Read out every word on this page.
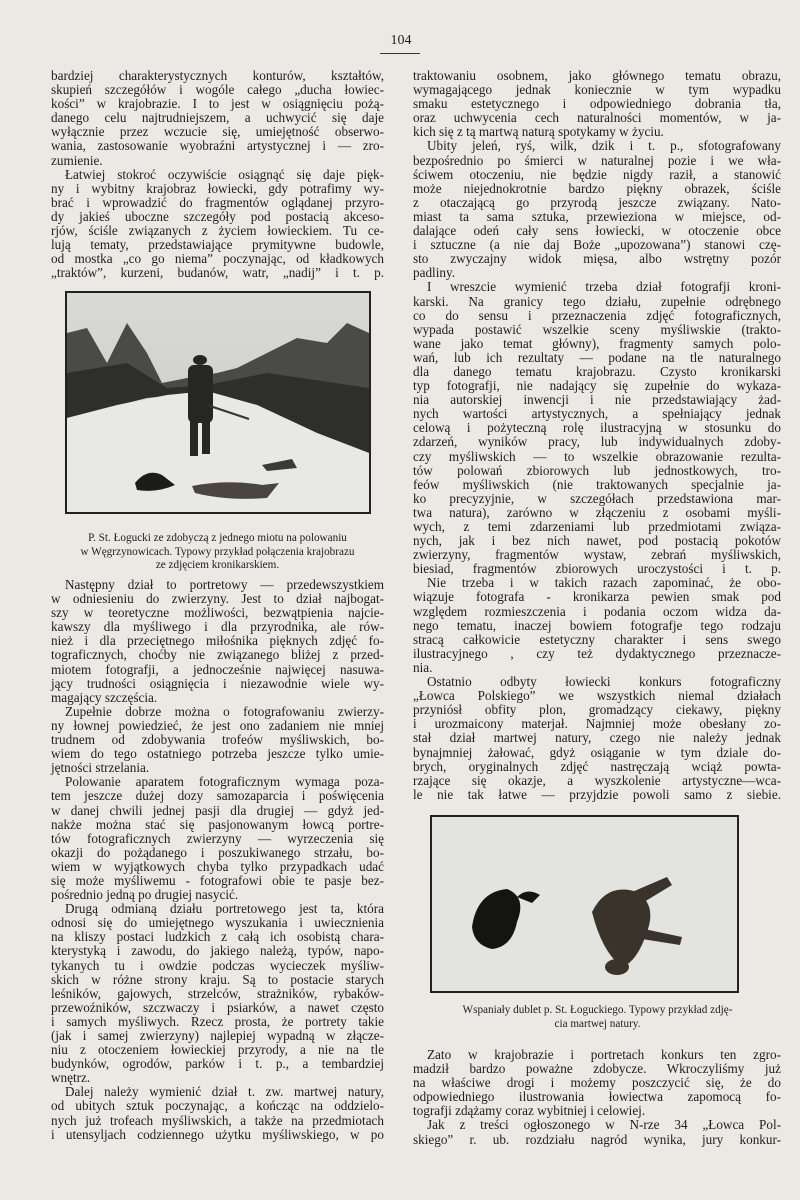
104
bardziej charakterystycznych konturów, kształtów,
skupień szczegółów i wogóle całego „ducha łowiec-
kości” w krajobrazie. I to jest w osiągnięciu pożą-
danego celu najtrudniejszem, a uchwycić się daje
wyłącznie przez wczucie się, umiejętność obserwo-
wania, zastosowanie wyobraźni artystycznej i — zro-
zumienie.
Łatwiej stokroć oczywiście osiągnąć się daje pięk-
ny i wybitny krajobraz łowiecki, gdy potrafimy wy-
brać i wprowadzić do fragmentów oglądanej przyro-
dy jakieś uboczne szczegóły pod postacią akceso-
rjów, ściśle związanych z życiem łowieckiem. Tu ce-
lują tematy, przedstawiające prymitywne budowle,
od mostka „co go niema” poczynając, od kładkowych
„traktów”, kurzeni, budanów, watr, „nadij” i t. p.
P. St. Łogucki ze zdobyczą z jednego miotu na polowaniu
w Węgrzynowicach. Typowy przykład połączenia krajobrazu
ze zdjęciem kronikarskiem.
Następny dział to portretowy — przedewszystkiem
w odniesieniu do zwierzyny. Jest to dział najbogat-
szy w teoretyczne możliwości, bezwątpienia najcie-
kawszy dla myśliwego i dla przyrodnika, ale rów-
nież i dla przeciętnego miłośnika pięknych zdjęć fo-
tograficznych, choćby nie związanego bliżej z przed-
miotem fotografji, a jednocześnie najwięcej nasuwa-
jący trudności osiągnięcia i niezawodnie wiele wy-
magający szczęścia.
Zupełnie dobrze można o fotografowaniu zwierzy-
ny łownej powiedzieć, że jest ono zadaniem nie mniej
trudnem od zdobywania trofeów myśliwskich, bo-
wiem do tego ostatniego potrzeba jeszcze tylko umie-
jętności strzelania.
Polowanie aparatem fotograficznym wymaga poza-
tem jeszcze dużej dozy samozaparcia i poświęcenia
w danej chwili jednej pasji dla drugiej — gdyż jed-
nakże można stać się pasjonowanym łowcą portre-
tów fotograficznych zwierzyny — wyrzeczenia się
okazji do pożądanego i poszukiwanego strzału, bo-
wiem w wyjątkowych chyba tylko przypadkach udać
się może myśliwemu - fotografowi obie te pasje bez-
pośrednio jedną po drugiej nasycić.
Drugą odmianą działu portretowego jest ta, która
odnosi się do umiejętnego wyszukania i uwiecznienia
na kliszy postaci ludzkich z całą ich osobistą chara-
kterystyką i zawodu, do jakiego należą, typów, napo-
tykanych tu i owdzie podczas wycieczek myśliw-
skich w różne strony kraju. Są to postacie starych
leśników, gajowych, strzelców, strażników, rybaków-
przewoźników, szczwaczy i psiarków, a nawet często
i samych myśliwych. Rzecz prosta, że portrety takie
(jak i samej zwierzyny) najlepiej wypadną w złącze-
niu z otoczeniem łowieckiej przyrody, a nie na tle
budynków, ogrodów, parków i t. p., a tembardziej
wnętrz.
Dalej należy wymienić dział t. zw. martwej natury,
od ubitych sztuk poczynając, a kończąc na oddzielo-
nych już trofeach myśliwskich, a także na przedmiotach
i utensyljach codziennego użytku myśliwskiego, w po
traktowaniu osobnem, jako głównego tematu obrazu,
wymagającego jednak koniecznie w tym wypadku
smaku estetycznego i odpowiedniego dobrania tła,
oraz uchwycenia cech naturalności momentów, w ja-
kich się z tą martwą naturą spotykamy w życiu.
Ubity jeleń, ryś, wilk, dzik i t. p., sfotografowany
bezpośrednio po śmierci w naturalnej pozie i we wła-
ściwem otoczeniu, nie będzie nigdy raził, a stanowić
może niejednokrotnie bardzo piękny obrazek, ściśle
z otaczającą go przyrodą jeszcze związany. Nato-
miast ta sama sztuka, przewieziona w miejsce, od-
dalające odeń cały sens łowiecki, w otoczenie obce
i sztuczne (a nie daj Boże „upozowana”) stanowi czę-
sto zwyczajny widok mięsa, albo wstrętny pozór
padliny.
I wreszcie wymienić trzeba dział fotografji kroni-
karski. Na granicy tego działu, zupełnie odrębnego
co do sensu i przeznaczenia zdjęć fotograficznych,
wypada postawić wszelkie sceny myśliwskie (trakto-
wane jako temat główny), fragmenty samych polo-
wań, lub ich rezultaty — podane na tle naturalnego
dla danego tematu krajobrazu. Czysto kronikarski
typ fotografji, nie nadający się zupełnie do wykaza-
nia autorskiej inwencji i nie przedstawiający żad-
nych wartości artystycznych, a spełniający jednak
celową i pożyteczną rolę ilustracyjną w stosunku do
zdarzeń, wyników pracy, lub indywidualnych zdoby-
czy myśliwskich — to wszelkie obrazowanie rezulta-
tów polowań zbiorowych lub jednostkowych, tro-
feów myśliwskich (nie traktowanych specjalnie ja-
ko precyzyjnie, w szczegółach przedstawiona mar-
twa natura), zarówno w złączeniu z osobami myśli-
wych, z temi zdarzeniami lub przedmiotami związa-
nych, jak i bez nich nawet, pod postacią pokotów
zwierzyny, fragmentów wystaw, zebrań myśliwskich,
biesiad, fragmentów zbiorowych uroczystości i t. p.
Nie trzeba i w takich razach zapominać, że obo-
wiązuje fotografa - kronikarza pewien smak pod
względem rozmieszczenia i podania oczom widza da-
nego tematu, inaczej bowiem fotografje tego rodzaju
stracą całkowicie estetyczny charakter i sens swego
ilustracyjnego , czy też dydaktycznego przeznacze-
nia.
Ostatnio odbyty łowiecki konkurs fotograficzny
„Łowca Polskiego” we wszystkich niemal działach
przyniósł obfity plon, gromadzący ciekawy, piękny
i urozmaicony materjał. Najmniej może obesłany zo-
stał dział martwej natury, czego nie należy jednak
bynajmniej żałować, gdyż osiąganie w tym dziale do-
brych, oryginalnych zdjęć nastręczają wciąż powta-
rzające się okazje, a wyszkolenie artystyczne—wca-
le nie tak łatwe — przyjdzie powoli samo z siebie.
Wspaniały dublet p. St. Łoguckiego. Typowy przykład zdję-
cia martwej natury.
Zato w krajobrazie i portretach konkurs ten zgro-
madził bardzo poważne zdobycze. Wkroczyliśmy już
na właściwe drogi i możemy poszczycić się, że do
odpowiedniego ilustrowania łowiectwa zapomocą fo-
tografji zdążamy coraz wybitniej i celowiej.
Jak z treści ogłoszonego w N-rze 34 „Łowca Pol-
skiego” r. ub. rozdziału nagród wynika, jury konkur-
